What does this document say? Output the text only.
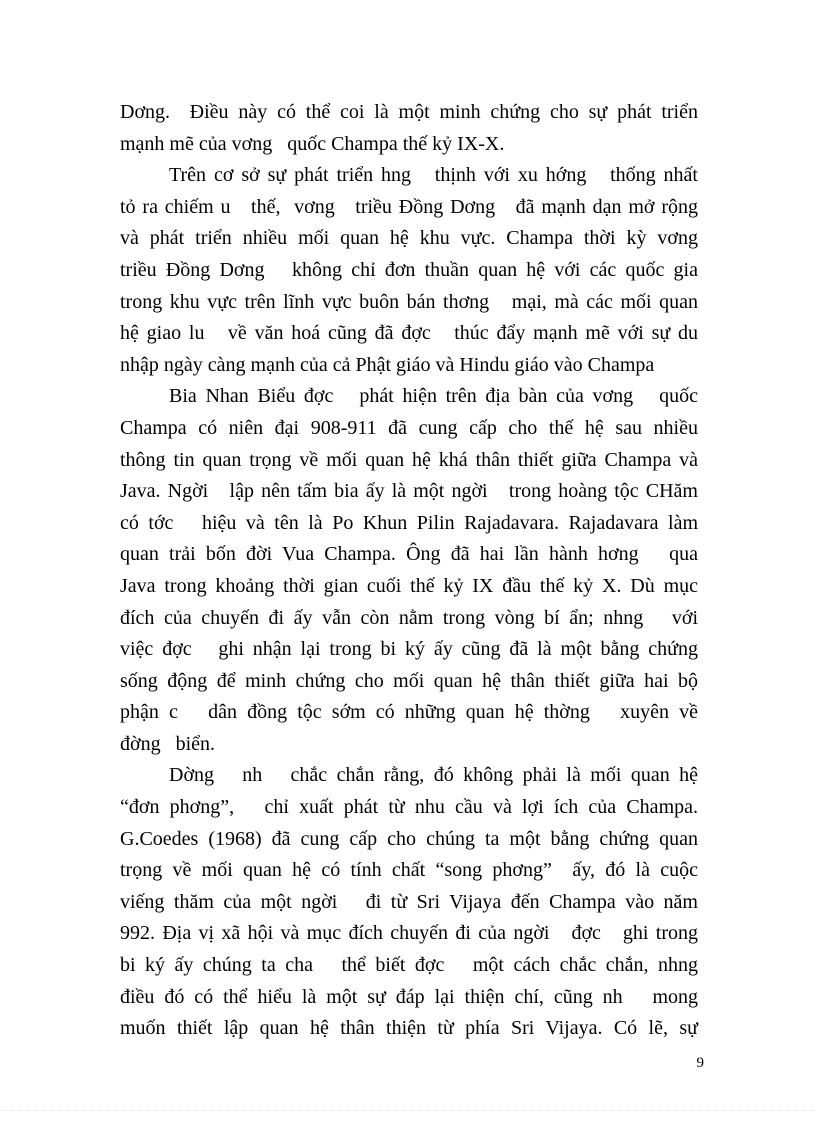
Dơng.  Điều này có thể coi là một minh chứng cho sự phát triển
mạnh mẽ của vơng   quốc Champa thế kỷ IX-X.
Trên cơ sở sự phát triển hng   thịnh với xu hớng   thống nhất
tỏ ra chiếm u   thế,  vơng   triều Đồng Dơng   đã mạnh dạn mở rộng
và phát triển nhiều mối quan hệ khu vực. Champa thời kỳ vơng
triều Đồng Dơng   không chỉ đơn thuần quan hệ với các quốc gia
trong khu vực trên lĩnh vực buôn bán thơng   mại, mà các mối quan
hệ giao lu   về văn hoá cũng đã đợc   thúc đẩy mạnh mẽ với sự du
nhập ngày càng mạnh của cả Phật giáo và Hindu giáo vào Champa
Bia Nhan Biểu đợc   phát hiện trên địa bàn của vơng   quốc
Champa có niên đại 908-911 đã cung cấp cho thế hệ sau nhiều
thông tin quan trọng về mối quan hệ khá thân thiết giữa Champa và
Java. Ngời   lập nên tấm bia ấy là một ngời   trong hoàng tộc CHăm
có tớc   hiệu và tên là Po Khun Pilin Rajadavara. Rajadavara làm
quan trải bốn đời Vua Champa. Ông đã hai lần hành hơng   qua
Java trong khoảng thời gian cuối thế kỷ IX đầu thế kỷ X. Dù mục
đích của chuyến đi ấy vẫn còn nằm trong vòng bí ẩn; nhng   với
việc đợc   ghi nhận lại trong bi ký ấy cũng đã là một bằng chứng
sống động để minh chứng cho mối quan hệ thân thiết giữa hai bộ
phận c   dân đồng tộc sớm có những quan hệ thờng   xuyên về
đờng   biển.
Dờng   nh   chắc chắn rằng, đó không phải là mối quan hệ
“đơn phơng”,   chỉ xuất phát từ nhu cầu và lợi ích của Champa.
G.Coedes (1968) đã cung cấp cho chúng ta một bằng chứng quan
trọng về mối quan hệ có tính chất “song phơng”  ấy, đó là cuộc
viếng thăm của một ngời   đi từ Sri Vijaya đến Champa vào năm
992. Địa vị xã hội và mục đích chuyến đi của ngời   đợc   ghi trong
bi ký ấy chúng ta cha   thể biết đợc   một cách chắc chắn, nhng
điều đó có thể hiểu là một sự đáp lại thiện chí, cũng nh   mong
muốn thiết lập quan hệ thân thiện từ phía Sri Vijaya. Có lẽ, sự
9
